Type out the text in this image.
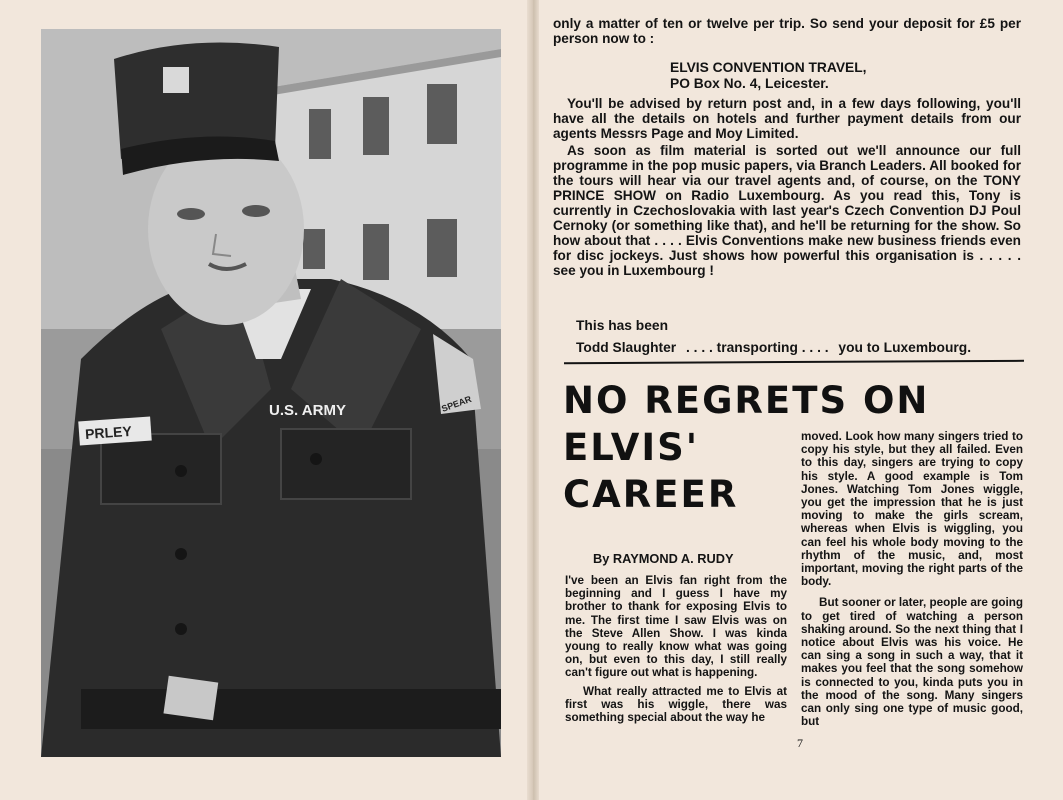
PRLEY
U.S. ARMY	SPEAR
only a matter of ten or twelve per trip. So send your deposit for £5 per person now to :
ELVIS CONVENTION TRAVEL,
PO Box No. 4, Leicester.
You'll be advised by return post and, in a few days following, you'll have all the details on hotels and further payment details from our agents Messrs Page and Moy Limited.
As soon as film material is sorted out we'll announce our full programme in the pop music papers, via Branch Leaders. All booked for the tours will hear via our travel agents and, of course, on the TONY PRINCE SHOW on Radio Luxembourg. As you read this, Tony is currently in Czechoslovakia with last year's Czech Convention DJ Poul Cernoky (or something like that), and he'll be returning for the show. So how about that . . . . Elvis Conventions make new business friends even for disc jockeys. Just shows how powerful this organisation is . . . . . see you in Luxembourg !
This has been
Todd Slaughter . . . . transporting . . . . you to Luxembourg.
NO REGRETS ON
ELVIS'
CAREER
By RAYMOND A. RUDY

I've been an Elvis fan right from the beginning and I guess I have my brother to thank for exposing Elvis to me. The first time I saw Elvis was on the Steve Allen Show. I was kinda young to really know what was going on, but even to this day, I still really can't figure out what is happening.

What really attracted me to Elvis at first was his wiggle, there was something special about the way he

moved. Look how many singers tried to copy his style, but they all failed. Even to this day, singers are trying to copy his style. A good example is Tom Jones. Watching Tom Jones wiggle, you get the impression that he is just moving to make the girls scream, whereas when Elvis is wiggling, you can feel his whole body moving to the rhythm of the music, and, most important, moving the right parts of the body.

But sooner or later, people are going to get tired of watching a person shaking around. So the next thing that I notice about Elvis was his voice. He can sing a song in such a way, that it makes you feel that the song somehow is connected to you, kinda puts you in the mood of the song. Many singers can only sing one type of music good, but

7
